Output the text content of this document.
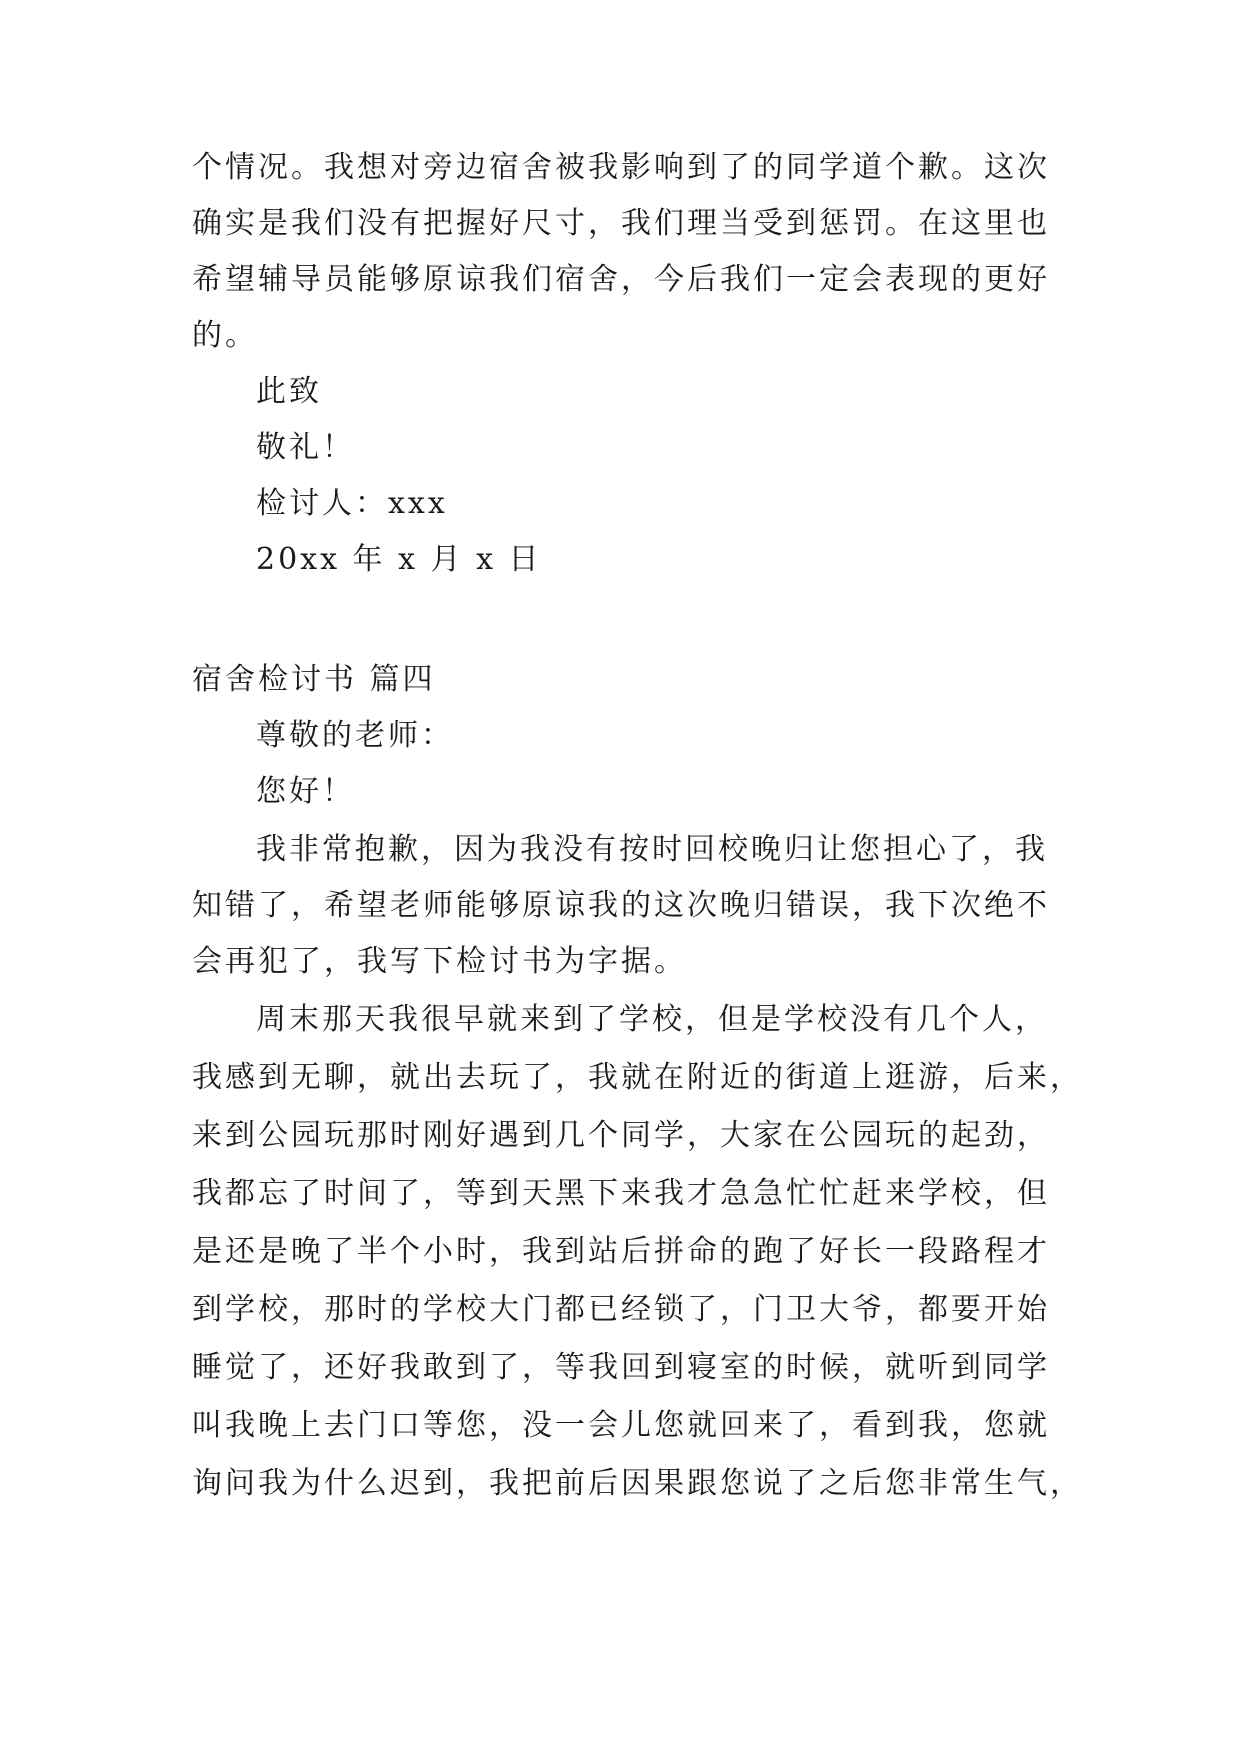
个情况。我想对旁边宿舍被我影响到了的同学道个歉。这次
确实是我们没有把握好尺寸，我们理当受到惩罚。在这里也
希望辅导员能够原谅我们宿舍，今后我们一定会表现的更好
的。
此致
敬礼！
检讨人：xxx
20xx 年 x 月 x 日
宿舍检讨书 篇四
尊敬的老师：
您好！
我非常抱歉，因为我没有按时回校晚归让您担心了，我
知错了，希望老师能够原谅我的这次晚归错误，我下次绝不
会再犯了，我写下检讨书为字据。
周末那天我很早就来到了学校，但是学校没有几个人，
我感到无聊，就出去玩了，我就在附近的街道上逛游，后来，
来到公园玩那时刚好遇到几个同学，大家在公园玩的起劲，
我都忘了时间了，等到天黑下来我才急急忙忙赶来学校，但
是还是晚了半个小时，我到站后拼命的跑了好长一段路程才
到学校，那时的学校大门都已经锁了，门卫大爷，都要开始
睡觉了，还好我敢到了，等我回到寝室的时候，就听到同学
叫我晚上去门口等您，没一会儿您就回来了，看到我，您就
询问我为什么迟到，我把前后因果跟您说了之后您非常生气，
